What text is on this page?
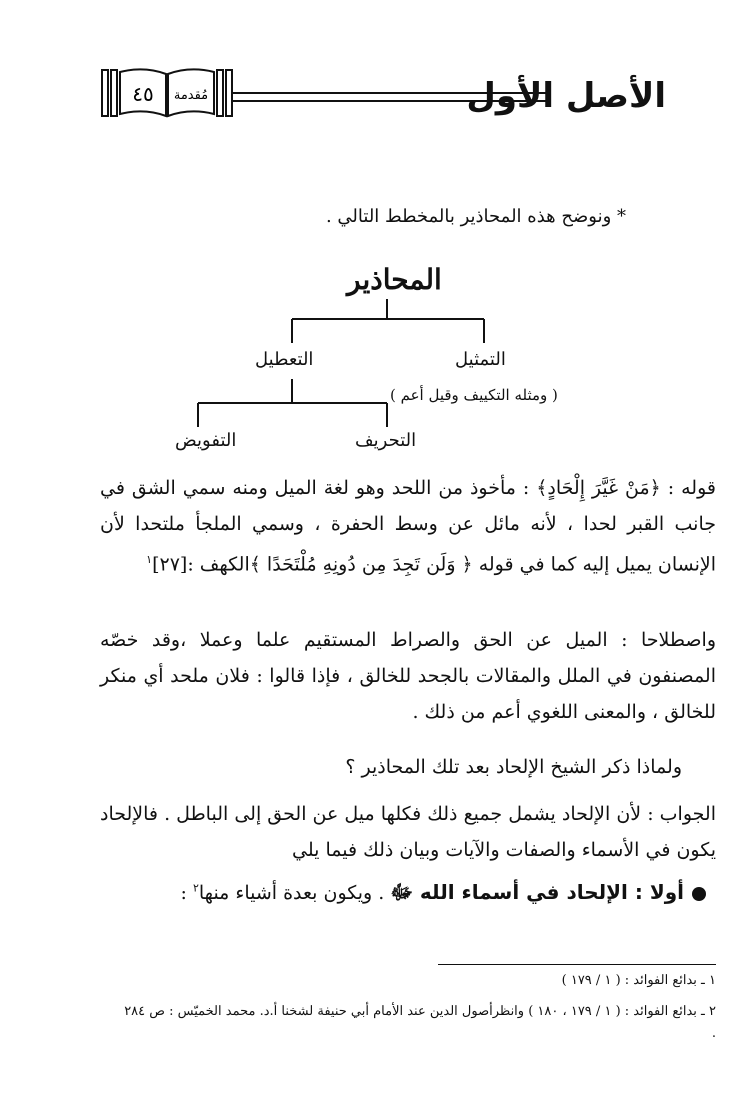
الأصل الأول
٤٥ مُقدمة
* ونوضح هذه المحاذير بالمخطط التالي .
المحاذير
التمثيل
التعطيل
( ومثله التكييف وقيل أعم )
التحريف
التفويض
قوله : ﴿مَنْ غَيَّرَ إِلْحَادٍ﴾ : مأخوذ من اللحد وهو لغة الميل ومنه سمي الشق في جانب القبر لحدا ، لأنه مائل عن وسط الحفرة ، وسمي الملجأ ملتحدا لأن الإنسان يميل إليه كما في قوله ﴿ وَلَن تَجِدَ مِن دُونِهِ مُلْتَحَدًا ﴾الكهف :[٢٧]$^١$
واصطلاحا : الميل عن الحق والصراط المستقيم علما وعملا ،وقد خصّه المصنفون في الملل والمقالات بالجحد للخالق ، فإذا قالوا : فلان ملحد أي منكر للخالق ، والمعنى اللغوي أعم من ذلك .
ولماذا ذكر الشيخ الإلحاد بعد تلك المحاذير ؟
الجواب : لأن الإلحاد يشمل جميع ذلك فكلها ميل عن الحق إلى الباطل . فالإلحاد يكون في الأسماء والصفات والآيات وبيان ذلك فيما يلي
أولا : الإلحاد في أسماء الله ﷻ . ويكون بعدة أشياء منها$^٢$ :
١ ـ بدائع الفوائد : ( ١ / ١٧٩ )
٢ ـ بدائع الفوائد : ( ١ / ١٧٩ ، ١٨٠ ) وانظرأصول الدين عند الأمام أبي حنيفة لشخنا أ.د. محمد الخميّس : ص ٢٨٤ .
